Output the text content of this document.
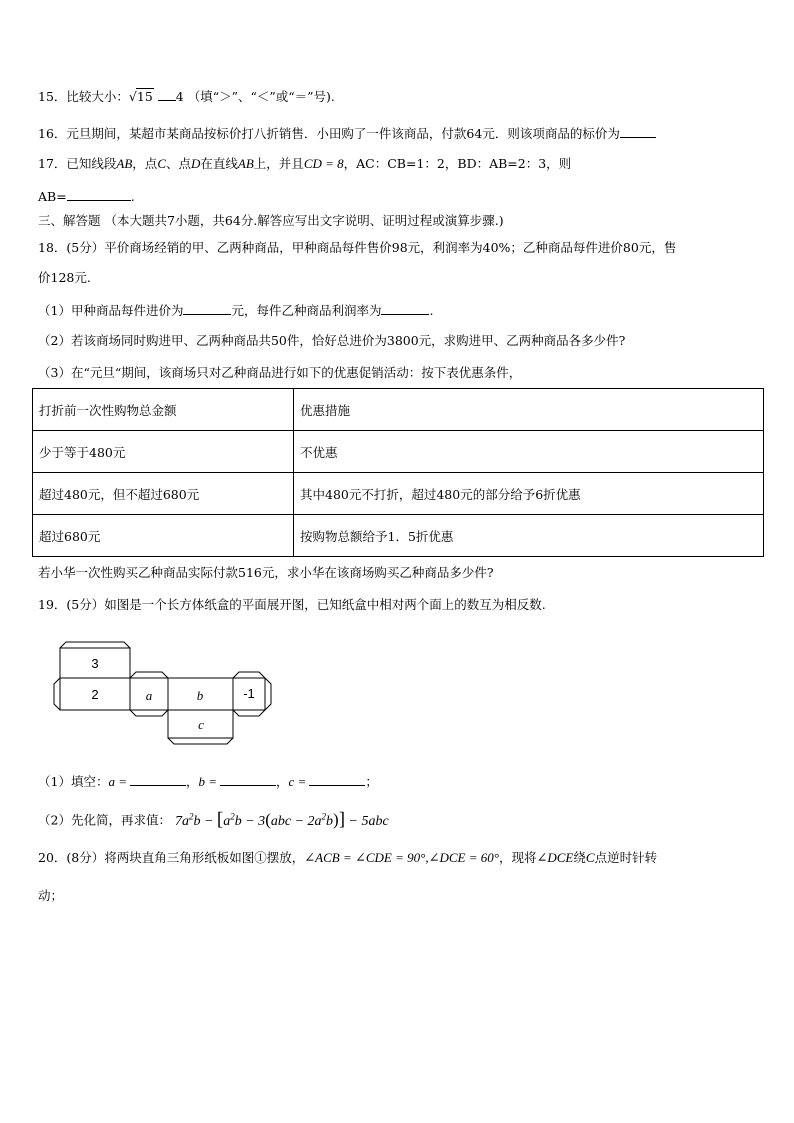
15．比较大小：√15 4 （填“＞”、“＜”或“＝”号).
16．元旦期间，某超市某商品按标价打八折销售．小田购了一件该商品，付款64元．则该项商品的标价为
17．已知线段AB，点C、点D在直线AB上，并且CD = 8，AC：CB=1：2，BD：AB=2：3，则
AB=	.
三、解答题 （本大题共7小题，共64分.解答应写出文字说明、证明过程或演算步骤.)
18．(5分）平价商场经销的甲、乙两种商品，甲种商品每件售价98元，利润率为40%；乙种商品每件进价80元，售
价128元.
（1）甲种商品每件进价为	元，每件乙种商品利润率为	.
（2）若该商场同时购进甲、乙两种商品共50件，恰好总进价为3800元，求购进甲、乙两种商品各多少件?
（3）在“元旦“期间，该商场只对乙种商品进行如下的优惠促销活动：按下表优惠条件，
打折前一次性购物总金额	优惠措施
少于等于480元	不优惠
超过480元，但不超过680元	其中480元不打折，超过480元的部分给予6折优惠
超过680元	按购物总额给予1．5折优惠
若小华一次性购买乙种商品实际付款516元，求小华在该商场购买乙种商品多少件?
19．(5分）如图是一个长方体纸盒的平面展开图，已知纸盒中相对两个面上的数互为相反数.
3
2	a	b	-1
c
（1）填空：a =	，b =	，c =	；
（2）先化简，再求值： $7a^2b - [a^2b - 3(abc - 2a^2b)] - 5abc$
20．(8分）将两块直角三角形纸板如图①摆放，∠ACB = ∠CDE = 90°,∠DCE = 60°，现将∠DCE绕C点逆时针转
动；
